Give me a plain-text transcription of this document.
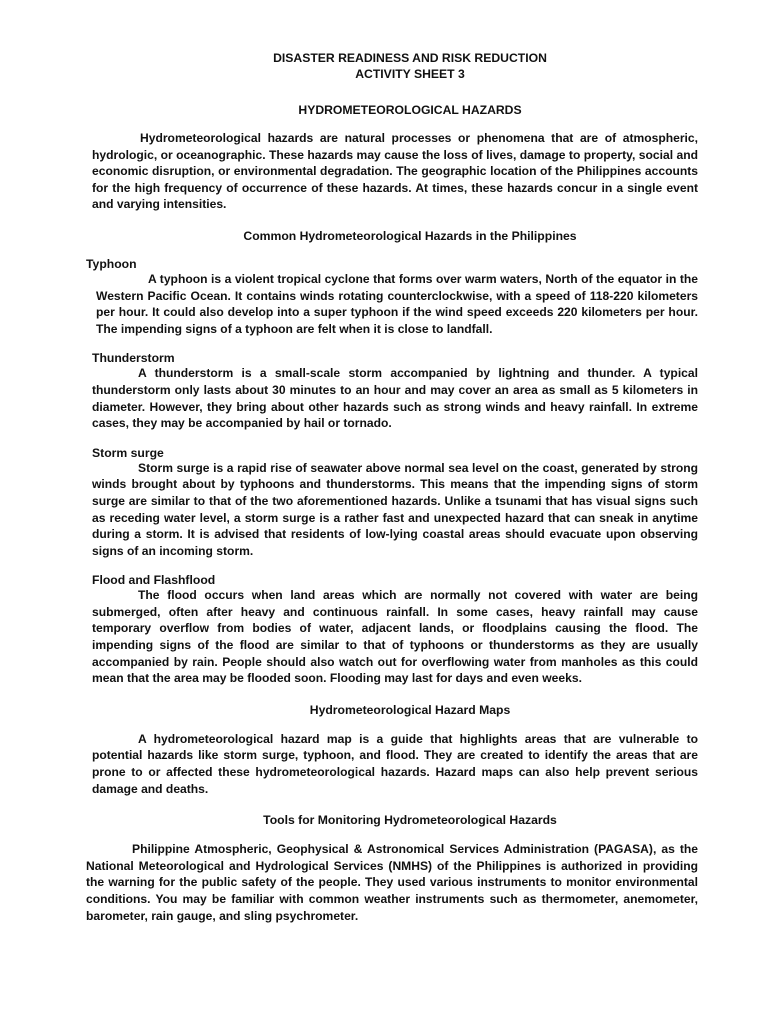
DISASTER READINESS AND RISK REDUCTION
ACTIVITY SHEET 3
HYDROMETEOROLOGICAL HAZARDS

Hydrometeorological hazards are natural processes or phenomena that are of atmospheric, hydrologic, or oceanographic. These hazards may cause the loss of lives, damage to property, social and economic disruption, or environmental degradation. The geographic location of the Philippines accounts for the high frequency of occurrence of these hazards. At times, these hazards concur in a single event and varying intensities.

Common Hydrometeorological Hazards in the Philippines
Typhoon

A typhoon is a violent tropical cyclone that forms over warm waters, North of the equator in the Western Pacific Ocean. It contains winds rotating counterclockwise, with a speed of 118-220 kilometers per hour. It could also develop into a super typhoon if the wind speed exceeds 220 kilometers per hour. The impending signs of a typhoon are felt when it is close to landfall.

Thunderstorm

A thunderstorm is a small-scale storm accompanied by lightning and thunder. A typical thunderstorm only lasts about 30 minutes to an hour and may cover an area as small as 5 kilometers in diameter. However, they bring about other hazards such as strong winds and heavy rainfall. In extreme cases, they may be accompanied by hail or tornado.

Storm surge

Storm surge is a rapid rise of seawater above normal sea level on the coast, generated by strong winds brought about by typhoons and thunderstorms. This means that the impending signs of storm surge are similar to that of the two aforementioned hazards. Unlike a tsunami that has visual signs such as receding water level, a storm surge is a rather fast and unexpected hazard that can sneak in anytime during a storm. It is advised that residents of low-lying coastal areas should evacuate upon observing signs of an incoming storm.

Flood and Flashflood

The flood occurs when land areas which are normally not covered with water are being submerged, often after heavy and continuous rainfall. In some cases, heavy rainfall may cause temporary overflow from bodies of water, adjacent lands, or floodplains causing the flood. The impending signs of the flood are similar to that of typhoons or thunderstorms as they are usually accompanied by rain. People should also watch out for overflowing water from manholes as this could mean that the area may be flooded soon. Flooding may last for days and even weeks.

Hydrometeorological Hazard Maps

A hydrometeorological hazard map is a guide that highlights areas that are vulnerable to potential hazards like storm surge, typhoon, and flood. They are created to identify the areas that are prone to or affected these hydrometeorological hazards. Hazard maps can also help prevent serious damage and deaths.

Tools for Monitoring Hydrometeorological Hazards

Philippine Atmospheric, Geophysical & Astronomical Services Administration (PAGASA), as the National Meteorological and Hydrological Services (NMHS) of the Philippines is authorized in providing the warning for the public safety of the people. They used various instruments to monitor environmental conditions. You may be familiar with common weather instruments such as thermometer, anemometer, barometer, rain gauge, and sling psychrometer.
